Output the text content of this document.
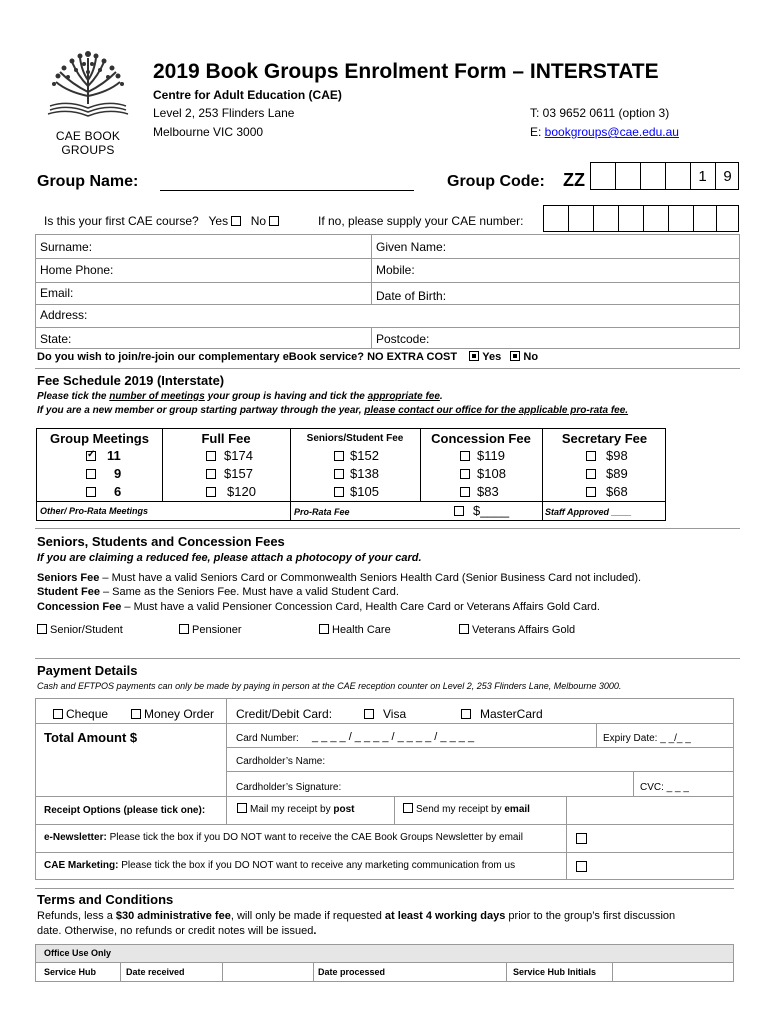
CAE BOOK GROUPS
2019 Book Groups Enrolment Form – INTERSTATE
Centre for Adult Education (CAE)
Level 2, 253 Flinders Lane
Melbourne VIC 3000
T: 03 9652 0611 (option 3)
E: bookgroups@cae.edu.au
Group Name:	Group Code: ZZ	1	9
Is this your first CAE course? Yes No	If no, please supply your CAE number:
Surname:	Given Name:
Home Phone:	Mobile:
Email:	Date of Birth:
Address:
State:	Postcode:
Do you wish to join/re-join our complementary eBook service? NO EXTRA COST Yes No
Fee Schedule 2019 (Interstate)
Please tick the number of meetings your group is having and tick the appropriate fee.
If you are a new member or group starting partway through the year, please contact our office for the applicable pro-rata fee.
Group Meetings	Full Fee	Seniors/Student Fee	Concession Fee	Secretary Fee
✓
11	$174	$152	$119	$98
9	$157	$138	$108	$89
6	$120	$105	$83	$68
Other/ Pro-Rata Meetings	Pro-Rata Fee	$____	Staff Approved ____
Seniors, Students and Concession Fees
If you are claiming a reduced fee, please attach a photocopy of your card.
Seniors Fee – Must have a valid Seniors Card or Commonwealth Seniors Health Card (Senior Business Card not included).
Student Fee – Same as the Seniors Fee. Must have a valid Student Card.
Concession Fee – Must have a valid Pensioner Concession Card, Health Care Card or Veterans Affairs Gold Card.
Senior/Student	Pensioner	Health Care	Veterans Affairs Gold
Payment Details
Cash and EFTPOS payments can only be made by paying in person at the CAE reception counter on Level 2, 253 Flinders Lane, Melbourne 3000.
Cheque	Money Order Credit/Debit Card:	Visa	MasterCard
Total Amount $	Card Number: _ _ _ _ / _ _ _ _ / _ _ _ _ / _ _ _ _	Expiry Date: _ _/_ _
Cardholder’s Name:
Cardholder’s Signature:	CVC: _ _ _
Receipt Options (please tick one):	Mail my receipt by post	Send my receipt by email
e-Newsletter: Please tick the box if you DO NOT want to receive the CAE Book Groups Newsletter by email
CAE Marketing: Please tick the box if you DO NOT want to receive any marketing communication from us
Terms and Conditions
Refunds, less a $30 administrative fee, will only be made if requested at least 4 working days prior to the group’s first discussion
date. Otherwise, no refunds or credit notes will be issued.
Office Use Only
Service Hub	Date received	Date processed	Service Hub Initials
